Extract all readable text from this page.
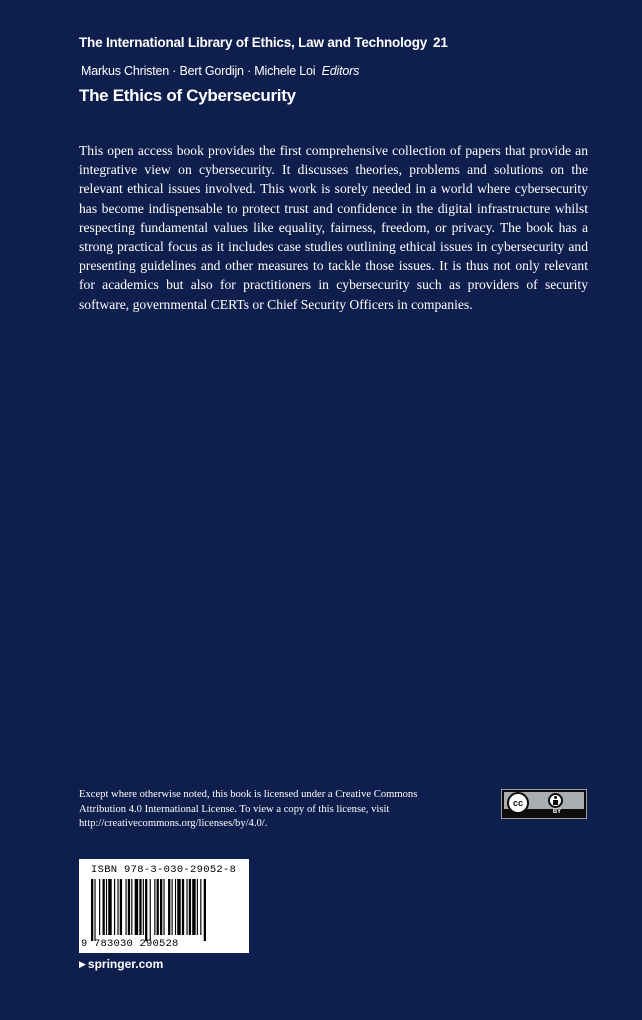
The International Library of Ethics, Law and Technology 21
Markus Christen · Bert Gordijn · Michele Loi Editors
The Ethics of Cybersecurity

This open access book provides the first comprehensive collection of papers that provide an integrative view on cybersecurity. It discusses theories, problems and solutions on the relevant ethical issues involved. This work is sorely needed in a world where cybersecurity has become indispensable to protect trust and confidence in the digital infrastructure whilst respecting fundamental values like equality, fairness, freedom, or privacy. The book has a strong practical focus as it includes case studies outlining ethical issues in cybersecurity and presenting guidelines and other measures to tackle those issues. It is thus not only relevant for academics but also for practitioners in cybersecurity such as providers of security software, governmental CERTs or Chief Security Officers in companies.

Except where otherwise noted, this book is licensed under a Creative Commons Attribution 4.0 International License. To view a copy of this license, visit http://creativecommons.org/licenses/by/4.0/.

cc
BY
ISBN 978-3-030-29052-8
9 783030 290528
▶ springer.com
